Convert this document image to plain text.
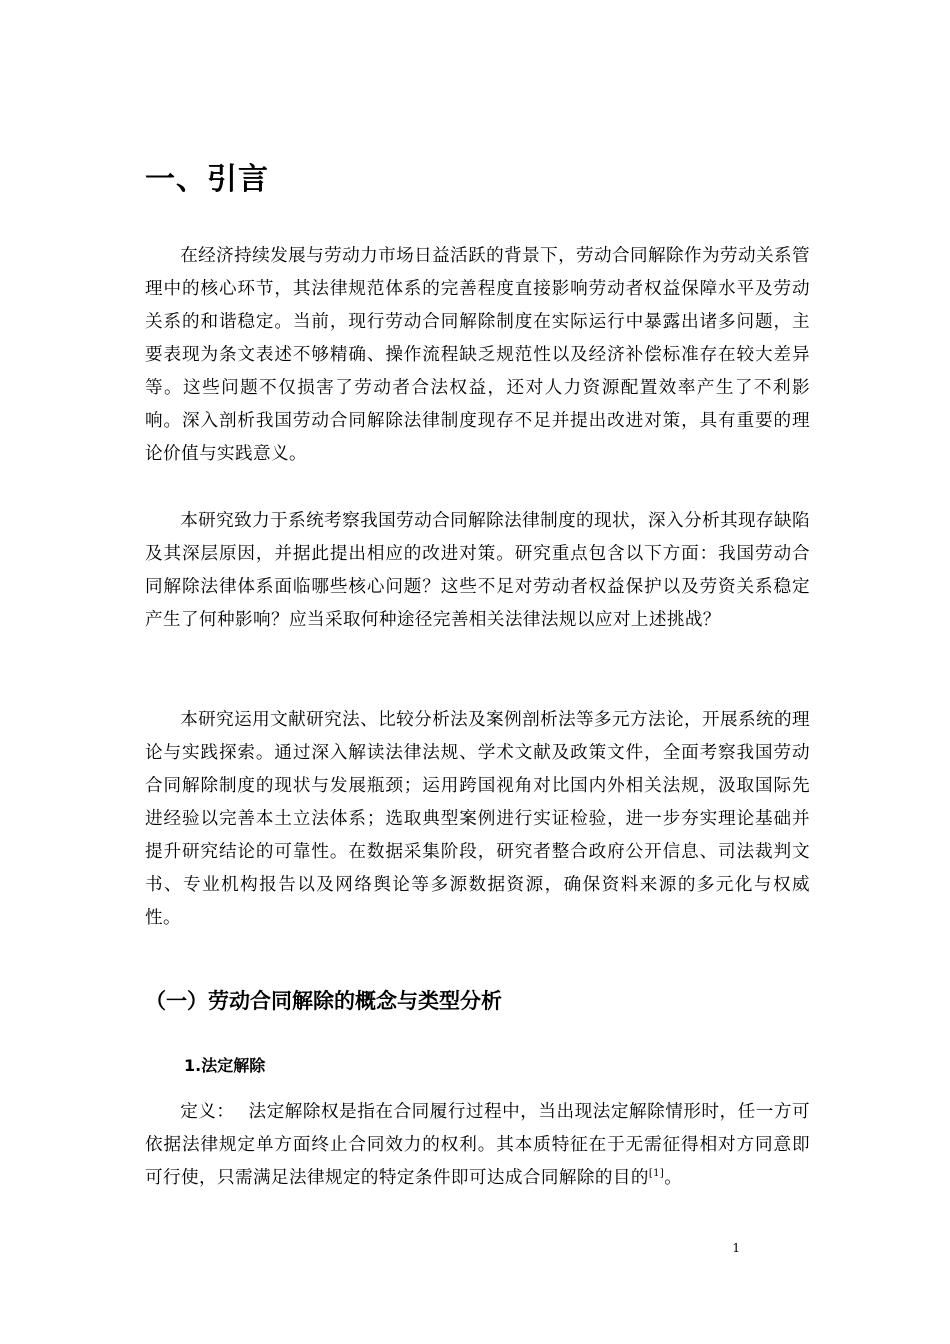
一、引言

在经济持续发展与劳动力市场日益活跃的背景下，劳动合同解除作为劳动关系管理中的核心环节，其法律规范体系的完善程度直接影响劳动者权益保障水平及劳动关系的和谐稳定。当前，现行劳动合同解除制度在实际运行中暴露出诸多问题，主要表现为条文表述不够精确、操作流程缺乏规范性以及经济补偿标准存在较大差异等。这些问题不仅损害了劳动者合法权益，还对人力资源配置效率产生了不利影响。深入剖析我国劳动合同解除法律制度现存不足并提出改进对策，具有重要的理论价值与实践意义。

本研究致力于系统考察我国劳动合同解除法律制度的现状，深入分析其现存缺陷及其深层原因，并据此提出相应的改进对策。研究重点包含以下方面：我国劳动合同解除法律体系面临哪些核心问题？这些不足对劳动者权益保护以及劳资关系稳定产生了何种影响？应当采取何种途径完善相关法律法规以应对上述挑战？

本研究运用文献研究法、比较分析法及案例剖析法等多元方法论，开展系统的理论与实践探索。通过深入解读法律法规、学术文献及政策文件，全面考察我国劳动合同解除制度的现状与发展瓶颈；运用跨国视角对比国内外相关法规，汲取国际先进经验以完善本土立法体系；选取典型案例进行实证检验，进一步夯实理论基础并提升研究结论的可靠性。在数据采集阶段，研究者整合政府公开信息、司法裁判文书、专业机构报告以及网络舆论等多源数据资源，确保资料来源的多元化与权威性。

（一）劳动合同解除的概念与类型分析
1.法定解除

定义： 法定解除权是指在合同履行过程中，当出现法定解除情形时，任一方可依据法律规定单方面终止合同效力的权利。其本质特征在于无需征得相对方同意即可行使，只需满足法律规定的特定条件即可达成合同解除的目的[1]。

1
